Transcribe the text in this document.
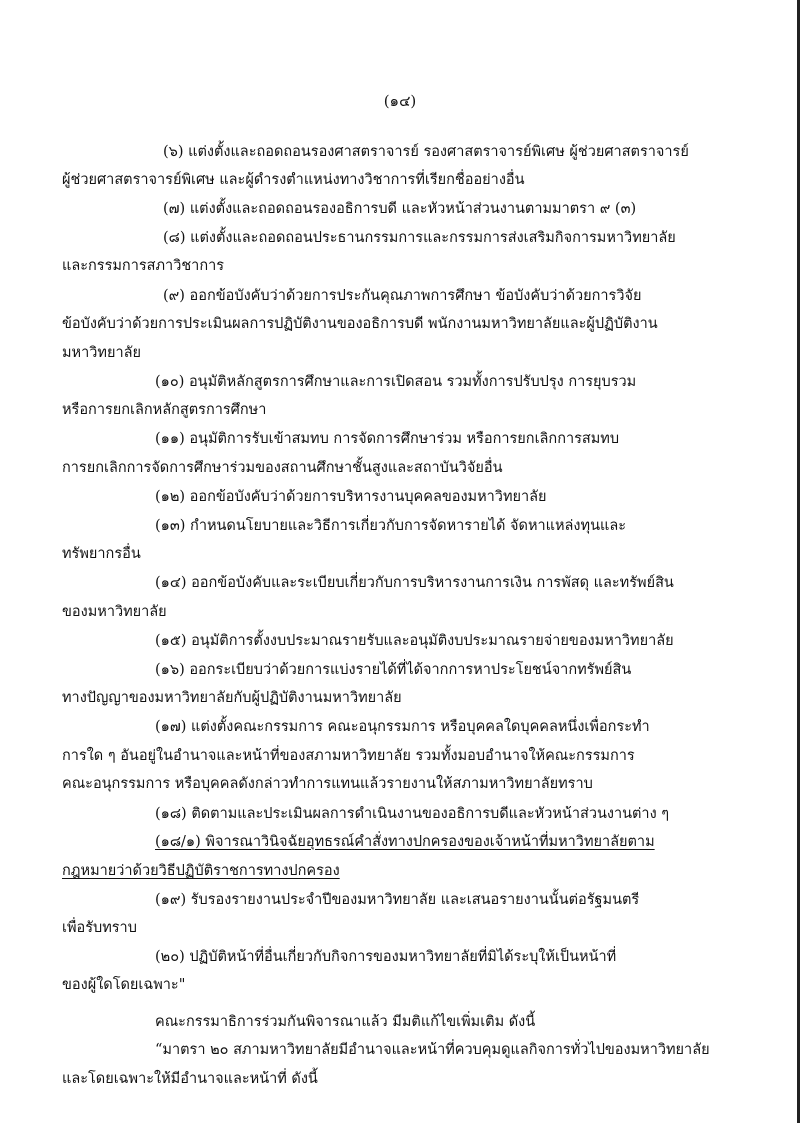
(๑๔)
(๖) แต่งตั้งและถอดถอนรองศาสตราจารย์ รองศาสตราจารย์พิเศษ ผู้ช่วยศาสตราจารย์
ผู้ช่วยศาสตราจารย์พิเศษ และผู้ดำรงตำแหน่งทางวิชาการที่เรียกชื่ออย่างอื่น
(๗) แต่งตั้งและถอดถอนรองอธิการบดี และหัวหน้าส่วนงานตามมาตรา ๙ (๓)
(๘) แต่งตั้งและถอดถอนประธานกรรมการและกรรมการส่งเสริมกิจการมหาวิทยาลัย
และกรรมการสภาวิชาการ
(๙) ออกข้อบังคับว่าด้วยการประกันคุณภาพการศึกษา ข้อบังคับว่าด้วยการวิจัย
ข้อบังคับว่าด้วยการประเมินผลการปฏิบัติงานของอธิการบดี พนักงานมหาวิทยาลัยและผู้ปฏิบัติงาน
มหาวิทยาลัย
(๑๐) อนุมัติหลักสูตรการศึกษาและการเปิดสอน รวมทั้งการปรับปรุง การยุบรวม
หรือการยกเลิกหลักสูตรการศึกษา
(๑๑) อนุมัติการรับเข้าสมทบ การจัดการศึกษาร่วม หรือการยกเลิกการสมทบ
การยกเลิกการจัดการศึกษาร่วมของสถานศึกษาชั้นสูงและสถาบันวิจัยอื่น
(๑๒) ออกข้อบังคับว่าด้วยการบริหารงานบุคคลของมหาวิทยาลัย
(๑๓) กำหนดนโยบายและวิธีการเกี่ยวกับการจัดหารายได้ จัดหาแหล่งทุนและ
ทรัพยากรอื่น
(๑๔) ออกข้อบังคับและระเบียบเกี่ยวกับการบริหารงานการเงิน การพัสดุ และทรัพย์สิน
ของมหาวิทยาลัย
(๑๕) อนุมัติการตั้งงบประมาณรายรับและอนุมัติงบประมาณรายจ่ายของมหาวิทยาลัย
(๑๖) ออกระเบียบว่าด้วยการแบ่งรายได้ที่ได้จากการหาประโยชน์จากทรัพย์สิน
ทางปัญญาของมหาวิทยาลัยกับผู้ปฏิบัติงานมหาวิทยาลัย
(๑๗) แต่งตั้งคณะกรรมการ คณะอนุกรรมการ หรือบุคคลใดบุคคลหนึ่งเพื่อกระทำ
การใด ๆ อันอยู่ในอำนาจและหน้าที่ของสภามหาวิทยาลัย รวมทั้งมอบอำนาจให้คณะกรรมการ
คณะอนุกรรมการ หรือบุคคลดังกล่าวทำการแทนแล้วรายงานให้สภามหาวิทยาลัยทราบ
(๑๘) ติดตามและประเมินผลการดำเนินงานของอธิการบดีและหัวหน้าส่วนงานต่าง ๆ
(๑๘/๑) พิจารณาวินิจฉัยอุทธรณ์คำสั่งทางปกครองของเจ้าหน้าที่มหาวิทยาลัยตาม
กฎหมายว่าด้วยวิธีปฏิบัติราชการทางปกครอง
(๑๙) รับรองรายงานประจำปีของมหาวิทยาลัย และเสนอรายงานนั้นต่อรัฐมนตรี
เพื่อรับทราบ
(๒๐) ปฏิบัติหน้าที่อื่นเกี่ยวกับกิจการของมหาวิทยาลัยที่มิได้ระบุให้เป็นหน้าที่
ของผู้ใดโดยเฉพาะ"
คณะกรรมาธิการร่วมกันพิจารณาแล้ว มีมติแก้ไขเพิ่มเติม ดังนี้
“มาตรา ๒๐ สภามหาวิทยาลัยมีอำนาจและหน้าที่ควบคุมดูแลกิจการทั่วไปของมหาวิทยาลัย
และโดยเฉพาะให้มีอำนาจและหน้าที่ ดังนี้
